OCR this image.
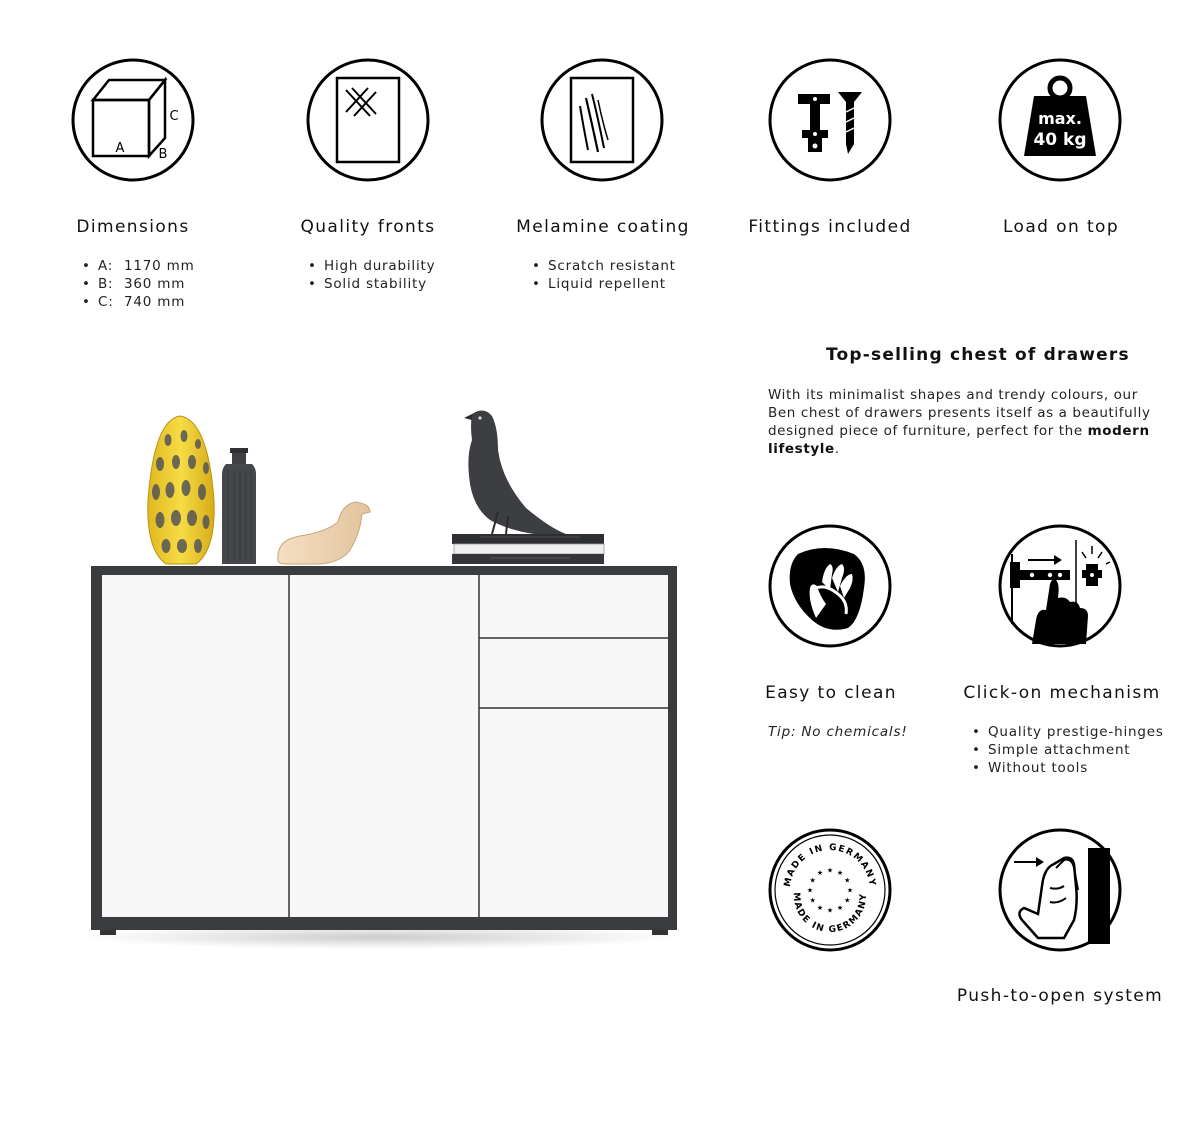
A	B
C	max.
40 kg
Dimensions	Quality fronts	Melamine coating	Fittings included	Load on top
• A: 1170 mm
• B: 360 mm
• C: 740 mm
• High durability
• Solid stability
• Scratch resistant
• Liquid repellent
Top-selling chest of drawers
With its minimalist shapes and trendy colours, our Ben chest of drawers presents itself as a beautifully designed piece of furniture, perfect for the modern lifestyle.
MADE IN GERMANY
MADE IN GERMANY
★
★
★
★
★
★
★
★
★ ★ ★
★
Easy to clean
Tip: No chemicals!
Click-on mechanism
• Quality prestige-hinges
• Simple attachment
• Without tools
Push-to-open system
